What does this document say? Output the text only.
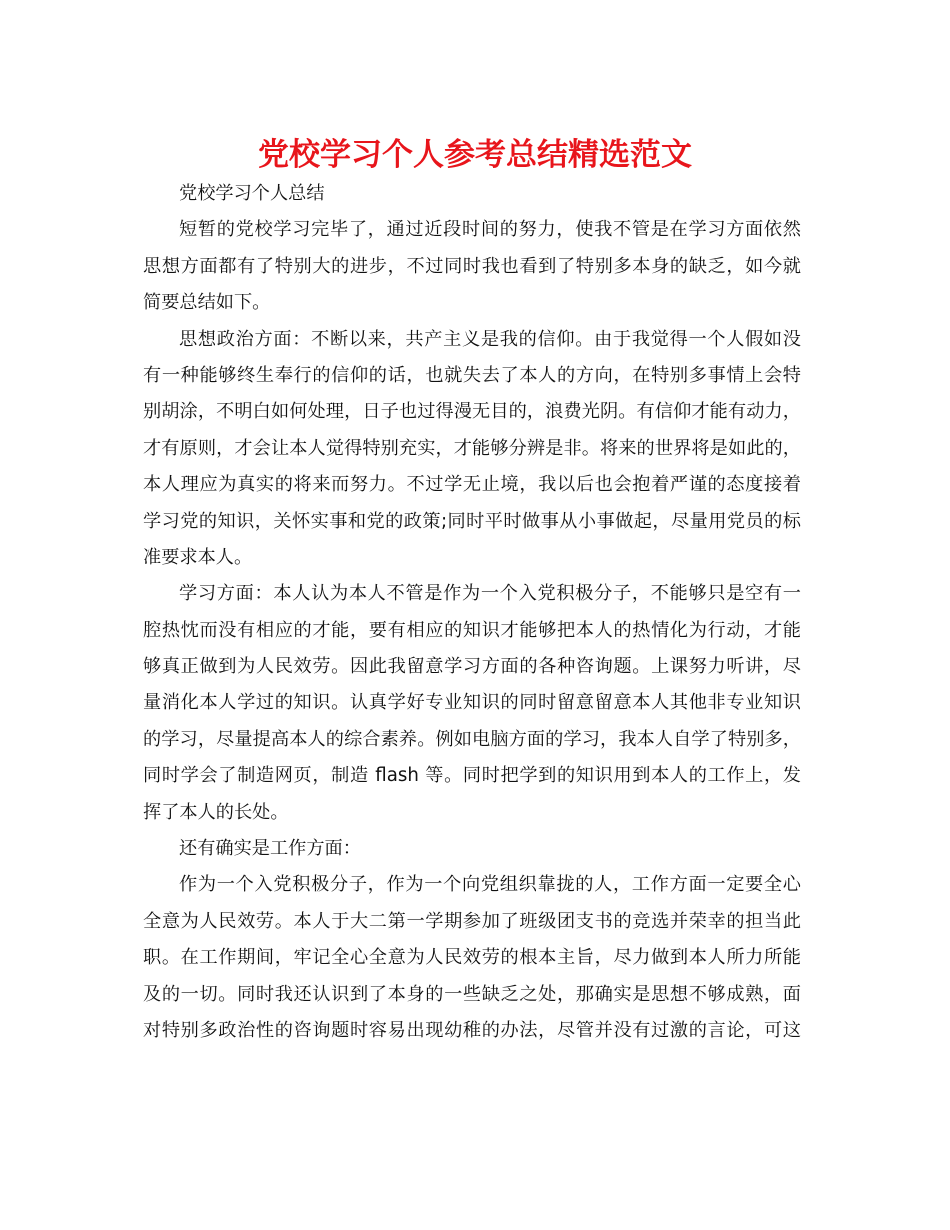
党校学习个人参考总结精选范文
党校学习个人总结
短暂的党校学习完毕了，通过近段时间的努力，使我不管是在学习方面依然
思想方面都有了特别大的进步，不过同时我也看到了特别多本身的缺乏，如今就
简要总结如下。
思想政治方面：不断以来，共产主义是我的信仰。由于我觉得一个人假如没
有一种能够终生奉行的信仰的话，也就失去了本人的方向，在特别多事情上会特
别胡涂，不明白如何处理，日子也过得漫无目的，浪费光阴。有信仰才能有动力，
才有原则，才会让本人觉得特别充实，才能够分辨是非。将来的世界将是如此的，
本人理应为真实的将来而努力。不过学无止境，我以后也会抱着严谨的态度接着
学习党的知识，关怀实事和党的政策;同时平时做事从小事做起，尽量用党员的标
准要求本人。
学习方面：本人认为本人不管是作为一个入党积极分子，不能够只是空有一
腔热忱而没有相应的才能，要有相应的知识才能够把本人的热情化为行动，才能
够真正做到为人民效劳。因此我留意学习方面的各种咨询题。上课努力听讲，尽
量消化本人学过的知识。认真学好专业知识的同时留意留意本人其他非专业知识
的学习，尽量提高本人的综合素养。例如电脑方面的学习，我本人自学了特别多，
同时学会了制造网页，制造 flash 等。同时把学到的知识用到本人的工作上，发
挥了本人的长处。
还有确实是工作方面：
作为一个入党积极分子，作为一个向党组织靠拢的人，工作方面一定要全心
全意为人民效劳。本人于大二第一学期参加了班级团支书的竞选并荣幸的担当此
职。在工作期间，牢记全心全意为人民效劳的根本主旨，尽力做到本人所力所能
及的一切。同时我还认识到了本身的一些缺乏之处，那确实是思想不够成熟，面
对特别多政治性的咨询题时容易出现幼稚的办法，尽管并没有过激的言论，可这
